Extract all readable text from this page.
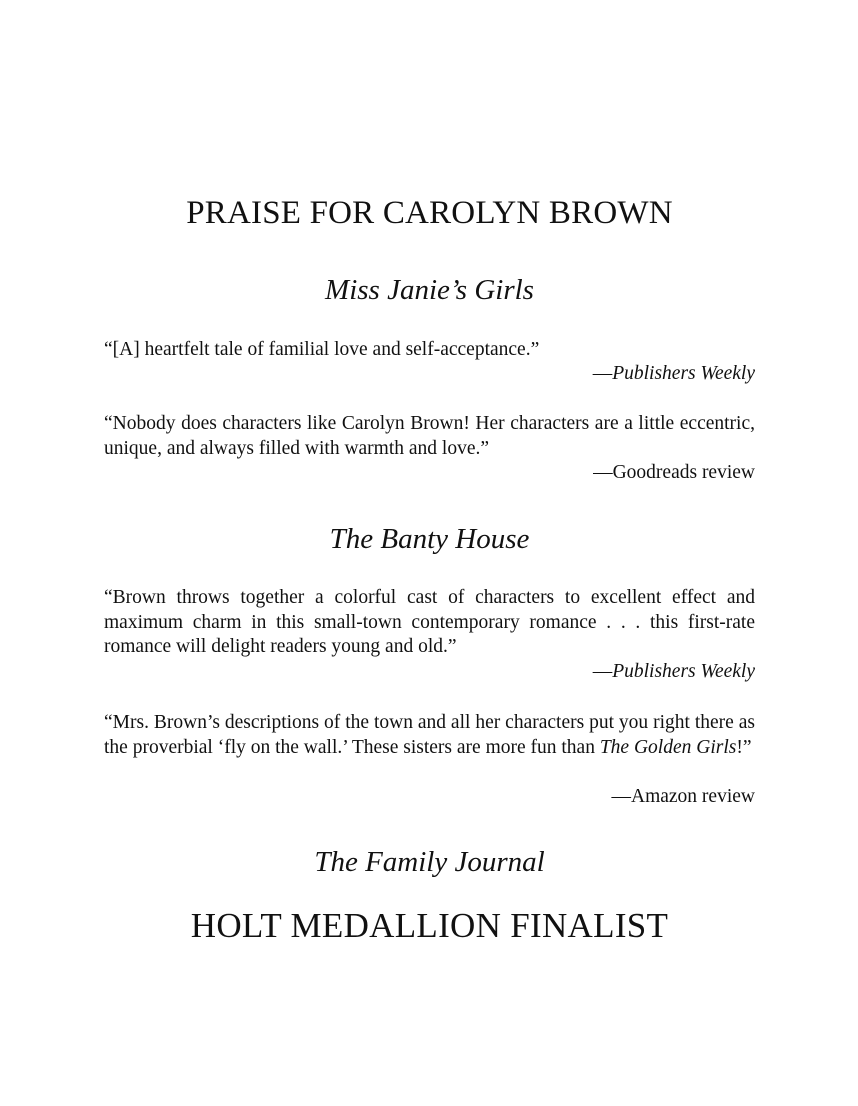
PRAISE FOR CAROLYN BROWN
Miss Janie’s Girls

“[A] heartfelt tale of familial love and self-acceptance.”

—Publishers Weekly

“Nobody does characters like Carolyn Brown! Her characters are a little eccentric, unique, and always filled with warmth and love.”

—Goodreads review

The Banty House

“Brown throws together a colorful cast of characters to excellent effect and maximum charm in this small-town contemporary romance . . . this first-rate romance will delight readers young and old.”

—Publishers Weekly

“Mrs. Brown’s descriptions of the town and all her characters put you right there as the proverbial ‘fly on the wall.’ These sisters are more fun than The Golden Girls!”

—Amazon review

The Family Journal
HOLT MEDALLION FINALIST
